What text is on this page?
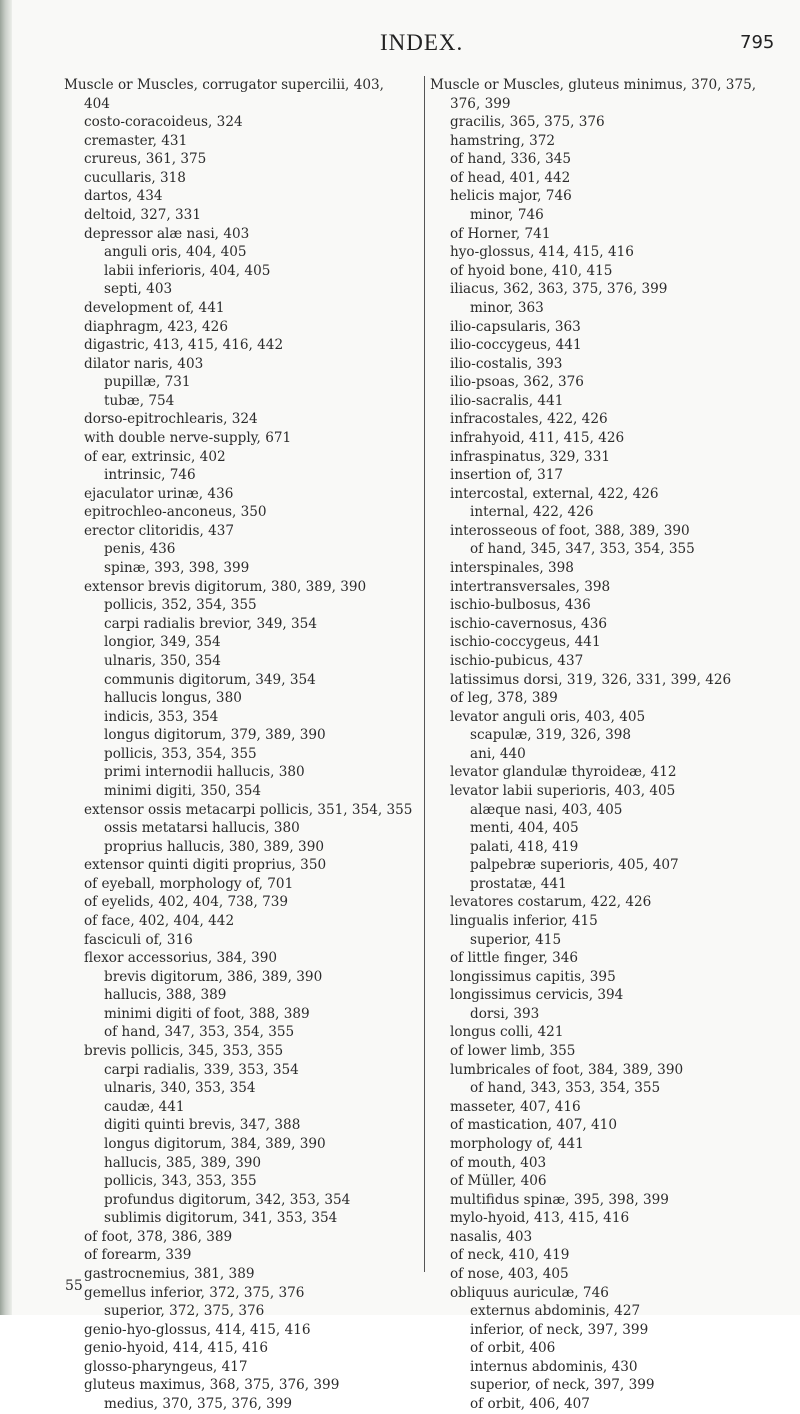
INDEX.	795
Muscle or Muscles, corrugator supercilii, 403,
404
costo-coracoideus, 324
cremaster, 431
crureus, 361, 375
cucullaris, 318
dartos, 434
deltoid, 327, 331
depressor alæ nasi, 403
anguli oris, 404, 405
labii inferioris, 404, 405
septi, 403
development of, 441
diaphragm, 423, 426
digastric, 413, 415, 416, 442
dilator naris, 403
pupillæ, 731
tubæ, 754
dorso-epitrochlearis, 324
with double nerve-supply, 671
of ear, extrinsic, 402
intrinsic, 746
ejaculator urinæ, 436
epitrochleo-anconeus, 350
erector clitoridis, 437
penis, 436
spinæ, 393, 398, 399
extensor brevis digitorum, 380, 389, 390
pollicis, 352, 354, 355
carpi radialis brevior, 349, 354
longior, 349, 354
ulnaris, 350, 354
communis digitorum, 349, 354
hallucis longus, 380
indicis, 353, 354
longus digitorum, 379, 389, 390
pollicis, 353, 354, 355
primi internodii hallucis, 380
minimi digiti, 350, 354
extensor ossis metacarpi pollicis, 351, 354, 355
ossis metatarsi hallucis, 380
proprius hallucis, 380, 389, 390
extensor quinti digiti proprius, 350
of eyeball, morphology of, 701
of eyelids, 402, 404, 738, 739
of face, 402, 404, 442
fasciculi of, 316
flexor accessorius, 384, 390
brevis digitorum, 386, 389, 390
hallucis, 388, 389
minimi digiti of foot, 388, 389
of hand, 347, 353, 354, 355
brevis pollicis, 345, 353, 355
carpi radialis, 339, 353, 354
ulnaris, 340, 353, 354
caudæ, 441
digiti quinti brevis, 347, 388
longus digitorum, 384, 389, 390
hallucis, 385, 389, 390
pollicis, 343, 353, 355
profundus digitorum, 342, 353, 354
sublimis digitorum, 341, 353, 354
of foot, 378, 386, 389
of forearm, 339
gastrocnemius, 381, 389
gemellus inferior, 372, 375, 376
superior, 372, 375, 376
genio-hyo-glossus, 414, 415, 416
genio-hyoid, 414, 415, 416
glosso-pharyngeus, 417
gluteus maximus, 368, 375, 376, 399
medius, 370, 375, 376, 399
Muscle or Muscles, gluteus minimus, 370, 375,
376, 399
gracilis, 365, 375, 376
hamstring, 372
of hand, 336, 345
of head, 401, 442
helicis major, 746
minor, 746
of Horner, 741
hyo-glossus, 414, 415, 416
of hyoid bone, 410, 415
iliacus, 362, 363, 375, 376, 399
minor, 363
ilio-capsularis, 363
ilio-coccygeus, 441
ilio-costalis, 393
ilio-psoas, 362, 376
ilio-sacralis, 441
infracostales, 422, 426
infrahyoid, 411, 415, 426
infraspinatus, 329, 331
insertion of, 317
intercostal, external, 422, 426
internal, 422, 426
interosseous of foot, 388, 389, 390
of hand, 345, 347, 353, 354, 355
interspinales, 398
intertransversales, 398
ischio-bulbosus, 436
ischio-cavernosus, 436
ischio-coccygeus, 441
ischio-pubicus, 437
latissimus dorsi, 319, 326, 331, 399, 426
of leg, 378, 389
levator anguli oris, 403, 405
scapulæ, 319, 326, 398
ani, 440
levator glandulæ thyroideæ, 412
levator labii superioris, 403, 405
alæque nasi, 403, 405
menti, 404, 405
palati, 418, 419
palpebræ superioris, 405, 407
prostatæ, 441
levatores costarum, 422, 426
lingualis inferior, 415
superior, 415
of little finger, 346
longissimus capitis, 395
longissimus cervicis, 394
dorsi, 393
longus colli, 421
of lower limb, 355
lumbricales of foot, 384, 389, 390
of hand, 343, 353, 354, 355
masseter, 407, 416
of mastication, 407, 410
morphology of, 441
of mouth, 403
of Müller, 406
multifidus spinæ, 395, 398, 399
mylo-hyoid, 413, 415, 416
nasalis, 403
of neck, 410, 419
of nose, 403, 405
obliquus auriculæ, 746
externus abdominis, 427
inferior, of neck, 397, 399
of orbit, 406
internus abdominis, 430
superior, of neck, 397, 399
of orbit, 406, 407
55
